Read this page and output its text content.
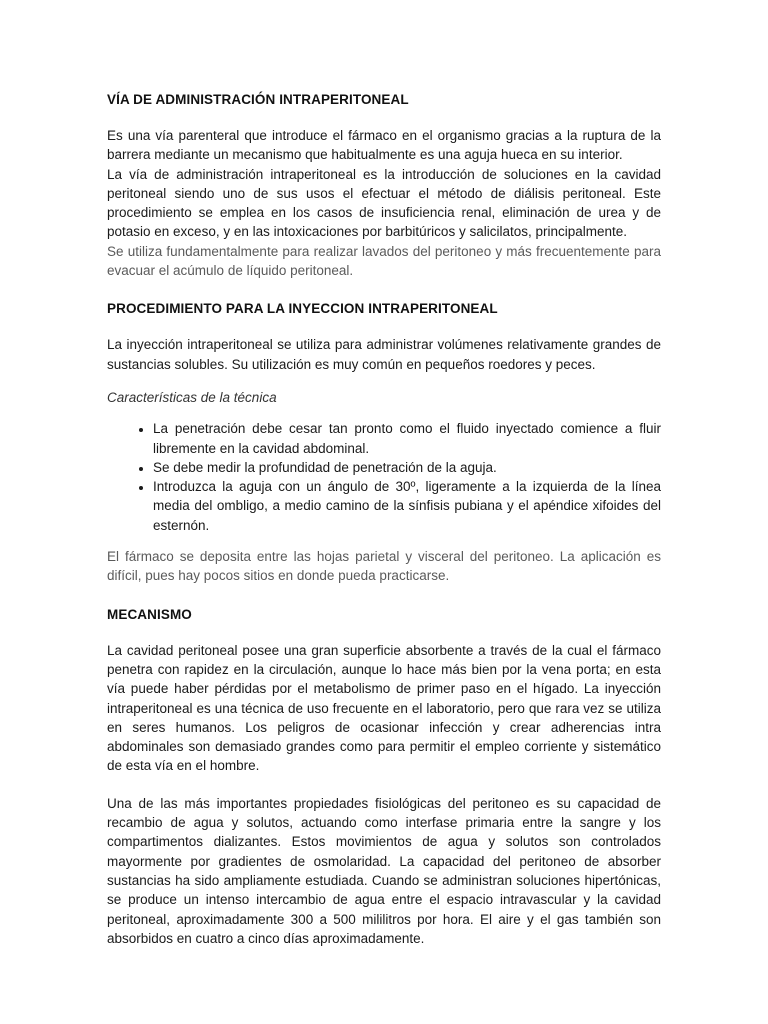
VÍA DE ADMINISTRACIÓN INTRAPERITONEAL

Es una vía parenteral que introduce el fármaco en el organismo gracias a la ruptura de la barrera mediante un mecanismo que habitualmente es una aguja hueca en su interior.

La vía de administración intraperitoneal es la introducción de soluciones en la cavidad peritoneal siendo uno de sus usos el efectuar el método de diálisis peritoneal. Este procedimiento se emplea en los casos de insuficiencia renal, eliminación de urea y de potasio en exceso, y en las intoxicaciones por barbitúricos y salicilatos, principalmente.

Se utiliza fundamentalmente para realizar lavados del peritoneo y más frecuentemente para evacuar el acúmulo de líquido peritoneal.

PROCEDIMIENTO PARA LA INYECCION INTRAPERITONEAL

La inyección intraperitoneal se utiliza para administrar volúmenes relativamente grandes de sustancias solubles. Su utilización es muy común en pequeños roedores y peces.

Características de la técnica

• La penetración debe cesar tan pronto como el fluido inyectado comience a fluir libremente en la cavidad abdominal.
• Se debe medir la profundidad de penetración de la aguja.
• Introduzca la aguja con un ángulo de 30º, ligeramente a la izquierda de la línea media del ombligo, a medio camino de la sínfisis pubiana y el apéndice xifoides del esternón.

El fármaco se deposita entre las hojas parietal y visceral del peritoneo. La aplicación es difícil, pues hay pocos sitios en donde pueda practicarse.

MECANISMO

La cavidad peritoneal posee una gran superficie absorbente a través de la cual el fármaco penetra con rapidez en la circulación, aunque lo hace más bien por la vena porta; en esta vía puede haber pérdidas por el metabolismo de primer paso en el hígado. La inyección intraperitoneal es una técnica de uso frecuente en el laboratorio, pero que rara vez se utiliza en seres humanos. Los peligros de ocasionar infección y crear adherencias intra abdominales son demasiado grandes como para permitir el empleo corriente y sistemático de esta vía en el hombre.

Una de las más importantes propiedades fisiológicas del peritoneo es su capacidad de recambio de agua y solutos, actuando como interfase primaria entre la sangre y los compartimentos dializantes. Estos movimientos de agua y solutos son controlados mayormente por gradientes de osmolaridad. La capacidad del peritoneo de absorber sustancias ha sido ampliamente estudiada. Cuando se administran soluciones hipertónicas, se produce un intenso intercambio de agua entre el espacio intravascular y la cavidad peritoneal, aproximadamente 300 a 500 mililitros por hora. El aire y el gas también son absorbidos en cuatro a cinco días aproximadamente.
